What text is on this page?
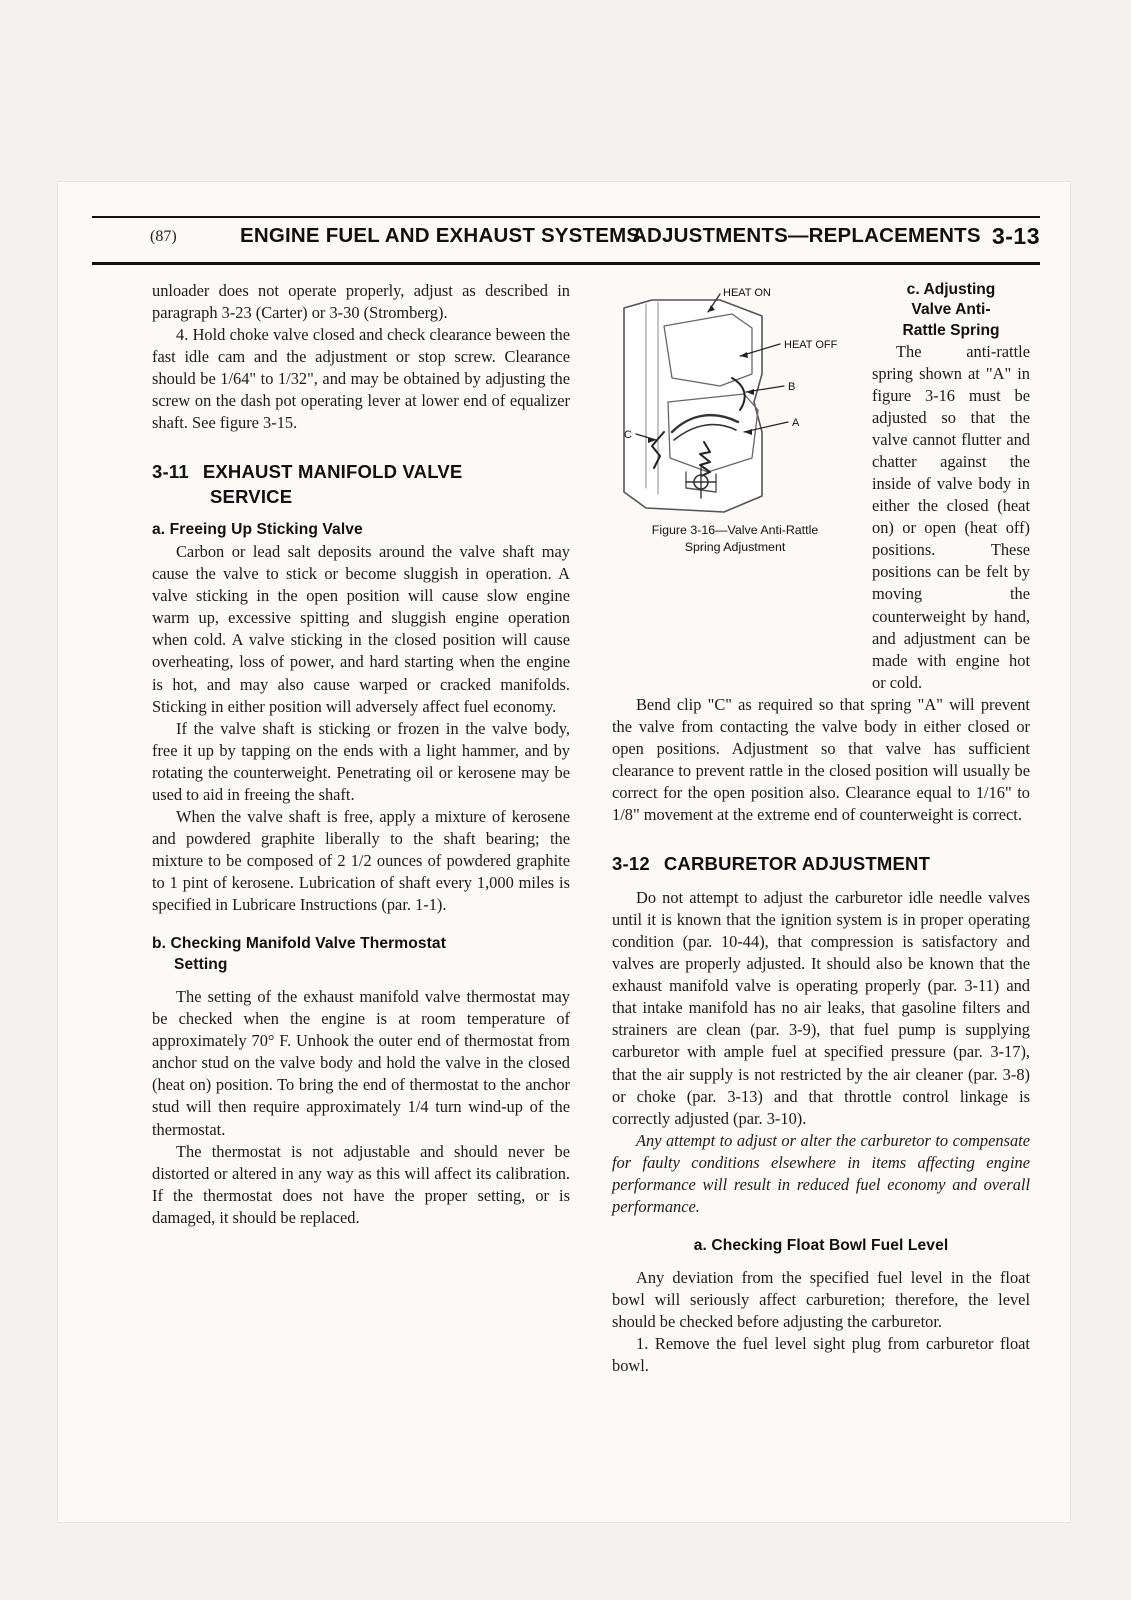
(87)	ENGINE FUEL AND EXHAUST SYSTEMS
ADJUSTMENTS—REPLACEMENTS 3-13

unloader does not operate properly, adjust as described in paragraph 3-23 (Carter) or 3-30 (Stromberg).

4. Hold choke valve closed and check clearance beween the fast idle cam and the adjustment or stop screw. Clearance should be 1/64" to 1/32", and may be obtained by adjusting the screw on the dash pot operating lever at lower end of equalizer shaft. See figure 3-15.

3-11 EXHAUST MANIFOLD VALVE
SERVICE
a. Freeing Up Sticking Valve

Carbon or lead salt deposits around the valve shaft may cause the valve to stick or become sluggish in operation. A valve sticking in the open position will cause slow engine warm up, excessive spitting and sluggish engine operation when cold. A valve sticking in the closed position will cause overheating, loss of power, and hard starting when the engine is hot, and may also cause warped or cracked manifolds. Sticking in either position will adversely affect fuel economy.

If the valve shaft is sticking or frozen in the valve body, free it up by tapping on the ends with a light hammer, and by rotating the counterweight. Penetrating oil or kerosene may be used to aid in freeing the shaft.

When the valve shaft is free, apply a mixture of kerosene and powdered graphite liberally to the shaft bearing; the mixture to be composed of 2 1/2 ounces of powdered graphite to 1 pint of kerosene. Lubrication of shaft every 1,000 miles is specified in Lubricare Instructions (par. 1-1).

b. Checking Manifold Valve Thermostat
Setting

The setting of the exhaust manifold valve thermostat may be checked when the engine is at room temperature of approximately 70° F. Unhook the outer end of thermostat from anchor stud on the valve body and hold the valve in the closed (heat on) position. To bring the end of thermostat to the anchor stud will then require approximately 1/4 turn wind-up of the thermostat.

The thermostat is not adjustable and should never be distorted or altered in any way as this will affect its calibration. If the thermostat does not have the proper setting, or is damaged, it should be replaced.

HEAT ON
HEAT OFF
B
A
C
Figure 3-16—Valve Anti-Rattle
Spring Adjustment
c. Adjusting
Valve Anti-
Rattle Spring

The anti-rattle spring shown at "A" in figure 3-16 must be adjusted so that the valve cannot flutter and chatter against the inside of valve body in either the closed (heat on) or open (heat off) positions. These positions can be felt by moving the counterweight by hand, and adjustment can be made with engine hot or cold.

Bend clip "C" as required so that spring "A" will prevent the valve from contacting the valve body in either closed or open positions. Adjustment so that valve has sufficient clearance to prevent rattle in the closed position will usually be correct for the open position also. Clearance equal to 1/16" to 1/8" movement at the extreme end of counterweight is correct.

3-12 CARBURETOR ADJUSTMENT

Do not attempt to adjust the carburetor idle needle valves until it is known that the ignition system is in proper operating condition (par. 10-44), that compression is satisfactory and valves are properly adjusted. It should also be known that the exhaust manifold valve is operating properly (par. 3-11) and that intake manifold has no air leaks, that gasoline filters and strainers are clean (par. 3-9), that fuel pump is supplying carburetor with ample fuel at specified pressure (par. 3-17), that the air supply is not restricted by the air cleaner (par. 3-8) or choke (par. 3-13) and that throttle control linkage is correctly adjusted (par. 3-10).

Any attempt to adjust or alter the carburetor to compensate for faulty conditions elsewhere in items affecting engine performance will result in reduced fuel economy and overall performance.

a. Checking Float Bowl Fuel Level

Any deviation from the specified fuel level in the float bowl will seriously affect carburetion; therefore, the level should be checked before adjusting the carburetor.

1. Remove the fuel level sight plug from carburetor float bowl.
